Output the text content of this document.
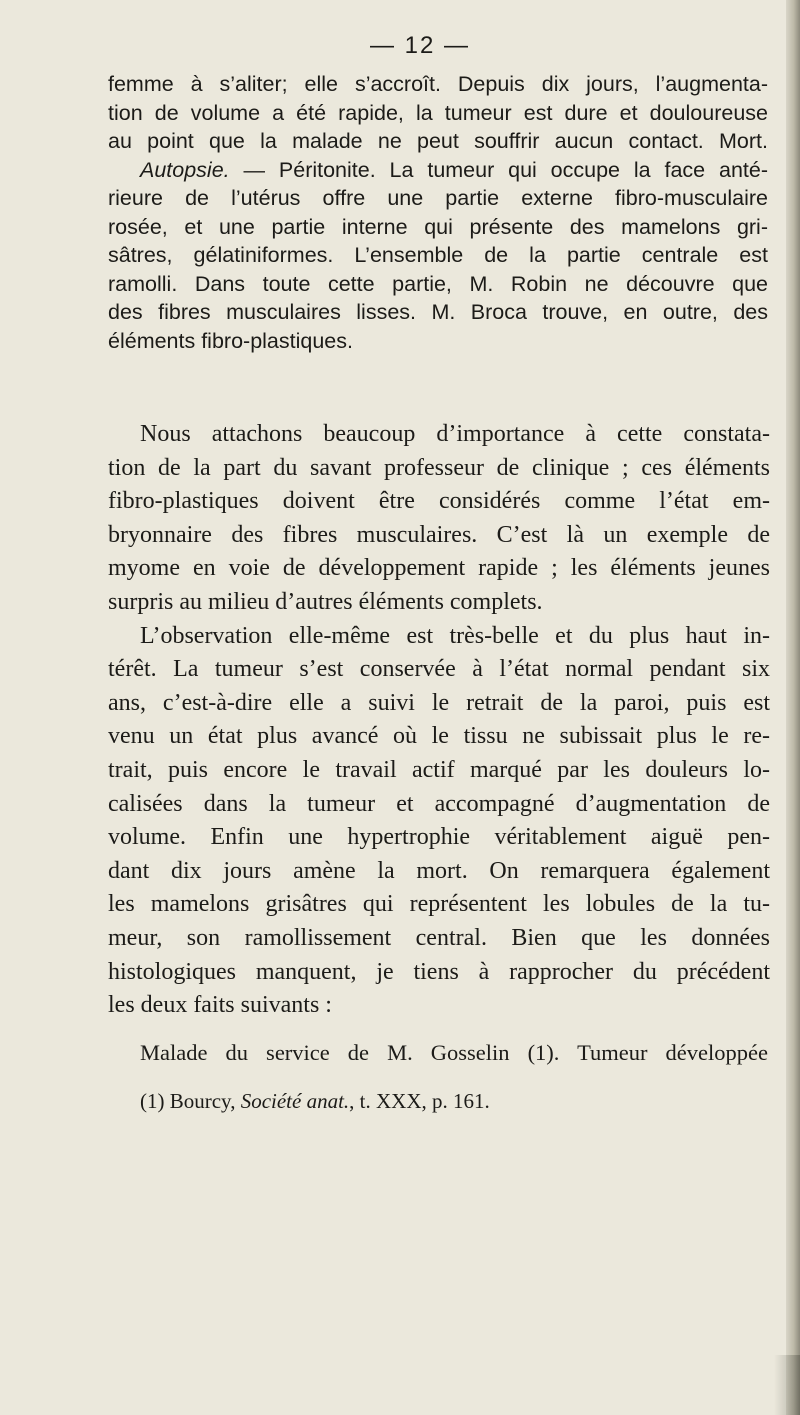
— 12 —
femme à s’aliter; elle s’accroît. Depuis dix jours, l’augmenta-
tion de volume a été rapide, la tumeur est dure et douloureuse
au point que la malade ne peut souffrir aucun contact. Mort.
Autopsie. — Péritonite. La tumeur qui occupe la face anté-
rieure de l’utérus offre une partie externe fibro-musculaire
rosée, et une partie interne qui présente des mamelons gri-
sâtres, gélatiniformes. L’ensemble de la partie centrale est
ramolli. Dans toute cette partie, M. Robin ne découvre que
des fibres musculaires lisses. M. Broca trouve, en outre, des
éléments fibro-plastiques.
Nous attachons beaucoup d’importance à cette constata-
tion de la part du savant professeur de clinique ; ces éléments
fibro-plastiques doivent être considérés comme l’état em-
bryonnaire des fibres musculaires. C’est là un exemple de
myome en voie de développement rapide ; les éléments jeunes
surpris au milieu d’autres éléments complets.
L’observation elle-même est très-belle et du plus haut in-
térêt. La tumeur s’est conservée à l’état normal pendant six
ans, c’est-à-dire elle a suivi le retrait de la paroi, puis est
venu un état plus avancé où le tissu ne subissait plus le re-
trait, puis encore le travail actif marqué par les douleurs lo-
calisées dans la tumeur et accompagné d’augmentation de
volume. Enfin une hypertrophie véritablement aiguë pen-
dant dix jours amène la mort. On remarquera également
les mamelons grisâtres qui représentent les lobules de la tu-
meur, son ramollissement central. Bien que les données
histologiques manquent, je tiens à rapprocher du précédent
les deux faits suivants :
Malade du service de M. Gosselin (1). Tumeur développée
(1) Bourcy, Société anat., t. XXX, p. 161.
